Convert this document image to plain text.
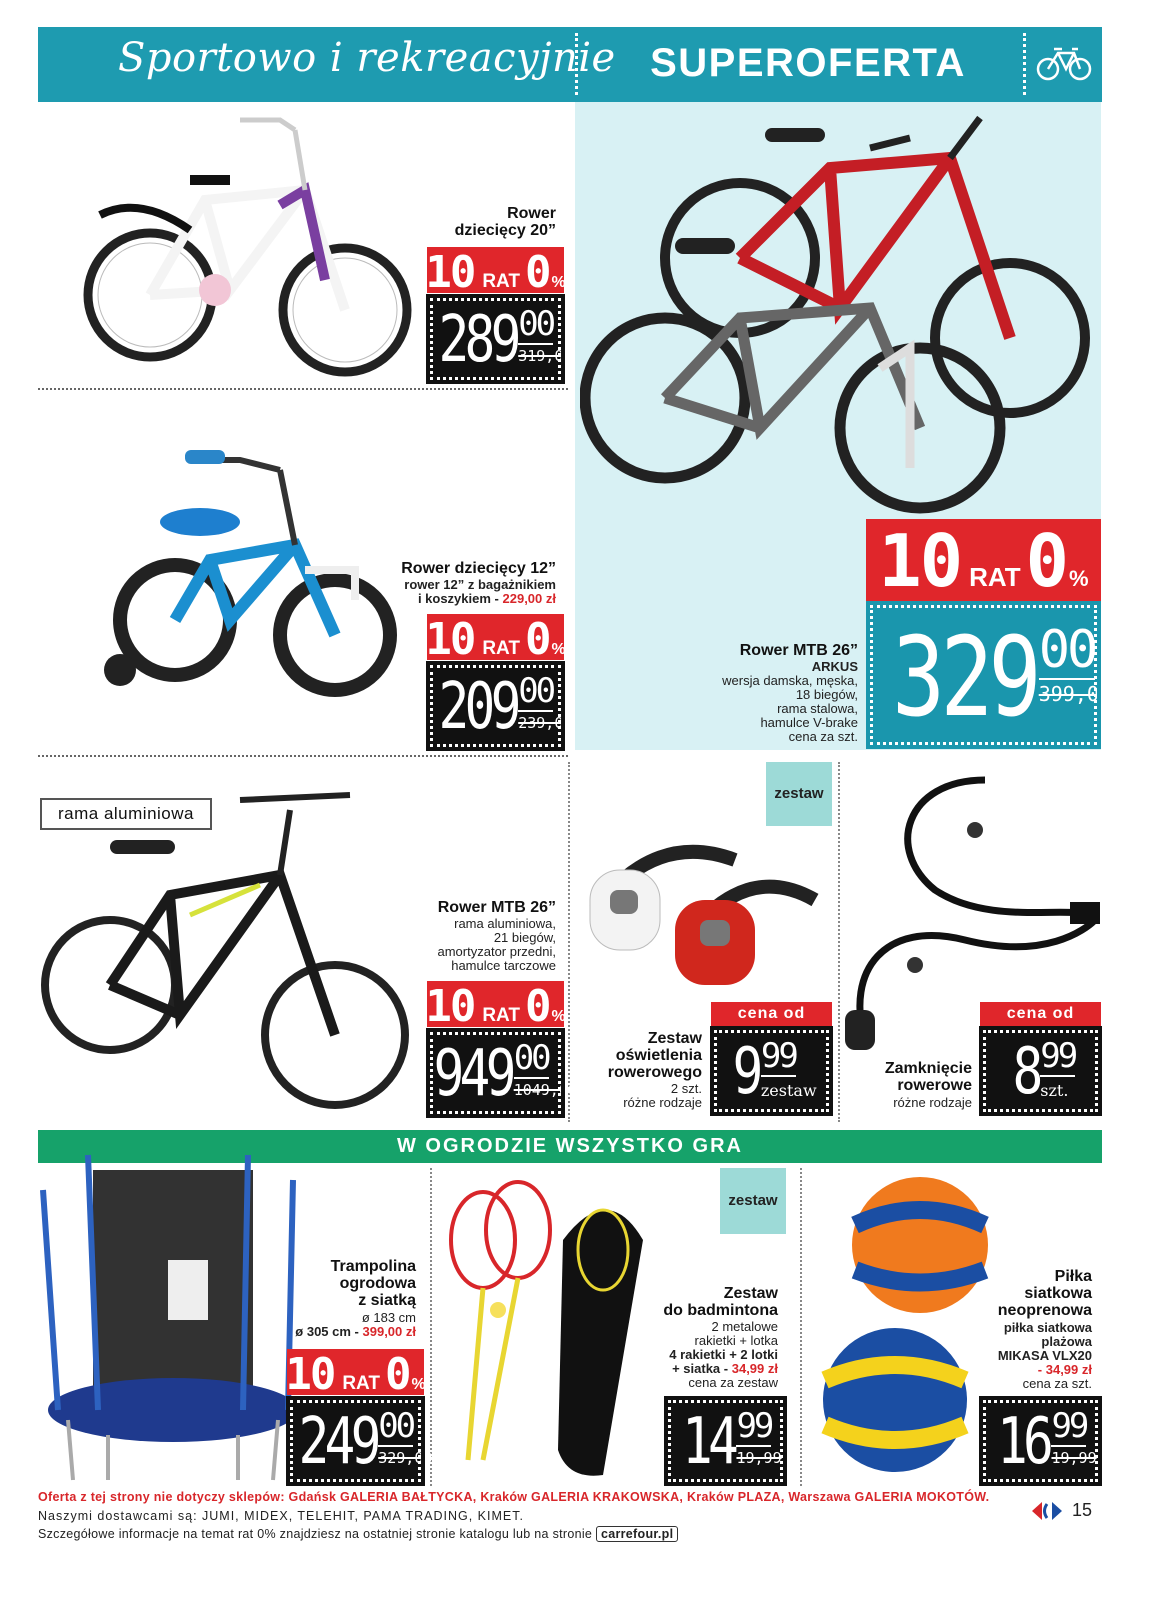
Sportowo i rekreacyjnie SUPEROFERTA
Rower
dziecięcy 20”
10 RAT 0 %
289 00
319,00
Rower dziecięcy 12”
rower 12” z bagażnikiem
i koszykiem - 229,00 zł
10 RAT 0 %
209 00
239,00
10 RAT 0 %
329 00
399,00
Rower MTB 26”
ARKUS
wersja damska, męska,
18 biegów,
rama stalowa,
hamulce V-brake
cena za szt.
rama aluminiowa
Rower MTB 26”
rama aluminiowa,
21 biegów,
amortyzator przedni,
hamulce tarczowe
10 RAT 0 %
949 00
1049,00
zestaw
cena od
9 99
zestaw
Zestaw
oświetlenia
rowerowego
2 szt.
różne rodzaje
cena od
8 99
szt.
Zamknięcie
rowerowe
różne rodzaje
W OGRODZIE WSZYSTKO GRA
Trampolina
ogrodowa
z siatką
ø 183 cm
ø 305 cm - 399,00 zł
10 RAT 0 %
249 00
329,00
zestaw
Zestaw
do badmintona
2 metalowe
rakietki + lotka
4 rakietki + 2 lotki
+ siatka - 34,99 zł
cena za zestaw
14 99
19,99
Piłka
siatkowa
neoprenowa
piłka siatkowa
plażowa
MIKASA VLX20
- 34,99 zł
cena za szt.
16 99
19,99
Oferta z tej strony nie dotyczy sklepów: Gdańsk GALERIA BAŁTYCKA, Kraków GALERIA KRAKOWSKA, Kraków PLAZA, Warszawa GALERIA MOKOTÓW.
Naszymi dostawcami są: JUMI, MIDEX, TELEHIT, PAMA TRADING, KIMET.
Szczegółowe informacje na temat rat 0% znajdziesz na ostatniej stronie katalogu lub na stronie carrefour.pl
15
